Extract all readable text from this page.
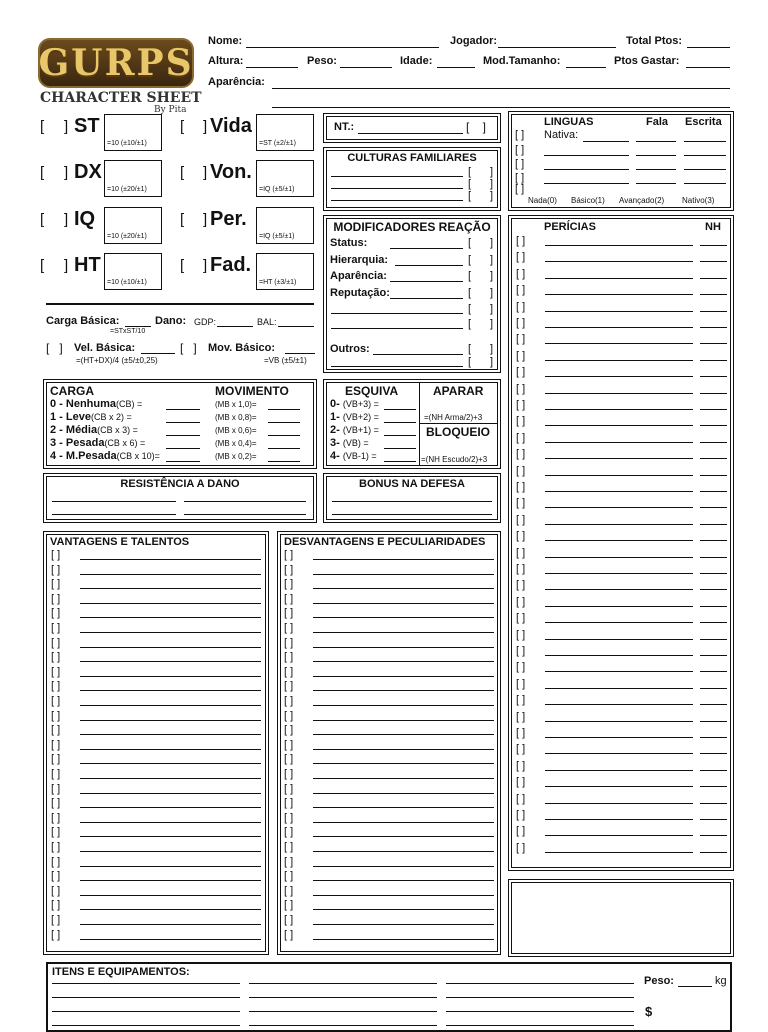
GURPS
CHARACTER SHEET
By Pita
Nome:	Jogador:	Total Ptos:
Altura:	Peso:	Idade:	Mod.Tamanho:	Ptos Gastar:
Aparência:
Carga Básica:
=STxST/10
Dano: GDP:	BAL:
[   ] Vel. Básica:
=(HT+DX)/4 (±5/±0,25)
[   ] Mov. Básico:
=VB (±5/±1)
NT.:	[    ]
CULTURAS FAMILIARES
MODIFICADORES REAÇÃO
LINGUAS	Fala Escrita
PERÍCIAS	NH
CARGA	MOVIMENTO	ESQUIVA	APARAR
=(NH Arma/2)+3
BLOQUEIO
=(NH Escudo/2)+3
RESISTÊNCIA A DANO	BONUS NA DEFESA
VANTAGENS E TALENTOS	DESVANTAGENS E PECULIARIDADES
ITENS E EQUIPAMENTOS:
Peso:	kg
$
[ ] ST
=10 (±10/±1)
[ ] DX
=10 (±20/±1)
[ ] IQ
=10 (±20/±1)
[ ] HT
=10 (±10/±1)
[ ] Vida
=ST (±2/±1)
[ ] Von.
=IQ (±5/±1)
[ ] Per.
=IQ (±5/±1)
[ ] Fad.
=HT (±3/±1)
[ ]
[ ]
[ ]
Status:	[ ]
Hierarquia:	[ ]
Aparência:	[ ]
Reputação:	[ ]
[ ]
[ ]
Outros:	[ ]
[ ]
[ ] Nativa:
[ ]
[ ]
[ ]
[ ]
Nada(0) Básico(1) Avançado(2) Nativo(3)
[ ]
[ ]
[ ]
[ ]
[ ]
[ ]
[ ]
[ ]
[ ]
[ ]
[ ]
[ ]
[ ]
[ ]
[ ]
[ ]
[ ]
[ ]
[ ]
[ ]
[ ]
[ ]
[ ]
[ ]
[ ]
[ ]
[ ]
[ ]
[ ]
[ ]
[ ]
[ ]
[ ]
[ ]
[ ]
[ ]
[ ]
[ ]
0 - Nenhuma(CB) =	(MB x 1,0)=
1 - Leve(CB x 2) =	(MB x 0,8)=
2 - Média(CB x 3) =	(MB x 0,6)=
3 - Pesada(CB x 6) =	(MB x 0,4)=
4 - M.Pesada(CB x 10)=	(MB x 0,2)=
0- (VB+3) =
1- (VB+2) =
2- (VB+1) =
3- (VB) =
4- (VB-1) =
[ ]
[ ]
[ ]
[ ]
[ ]
[ ]
[ ]
[ ]
[ ]
[ ]
[ ]
[ ]
[ ]
[ ]
[ ]
[ ]
[ ]
[ ]
[ ]
[ ]
[ ]
[ ]
[ ]
[ ]
[ ]
[ ]
[ ]
[ ]
[ ]
[ ]
[ ]
[ ]
[ ]
[ ]
[ ]
[ ]
[ ]
[ ]
[ ]
[ ]
[ ]
[ ]
[ ]
[ ]
[ ]
[ ]
[ ]
[ ]
[ ]
[ ]
[ ]
[ ]
[ ]
[ ]
